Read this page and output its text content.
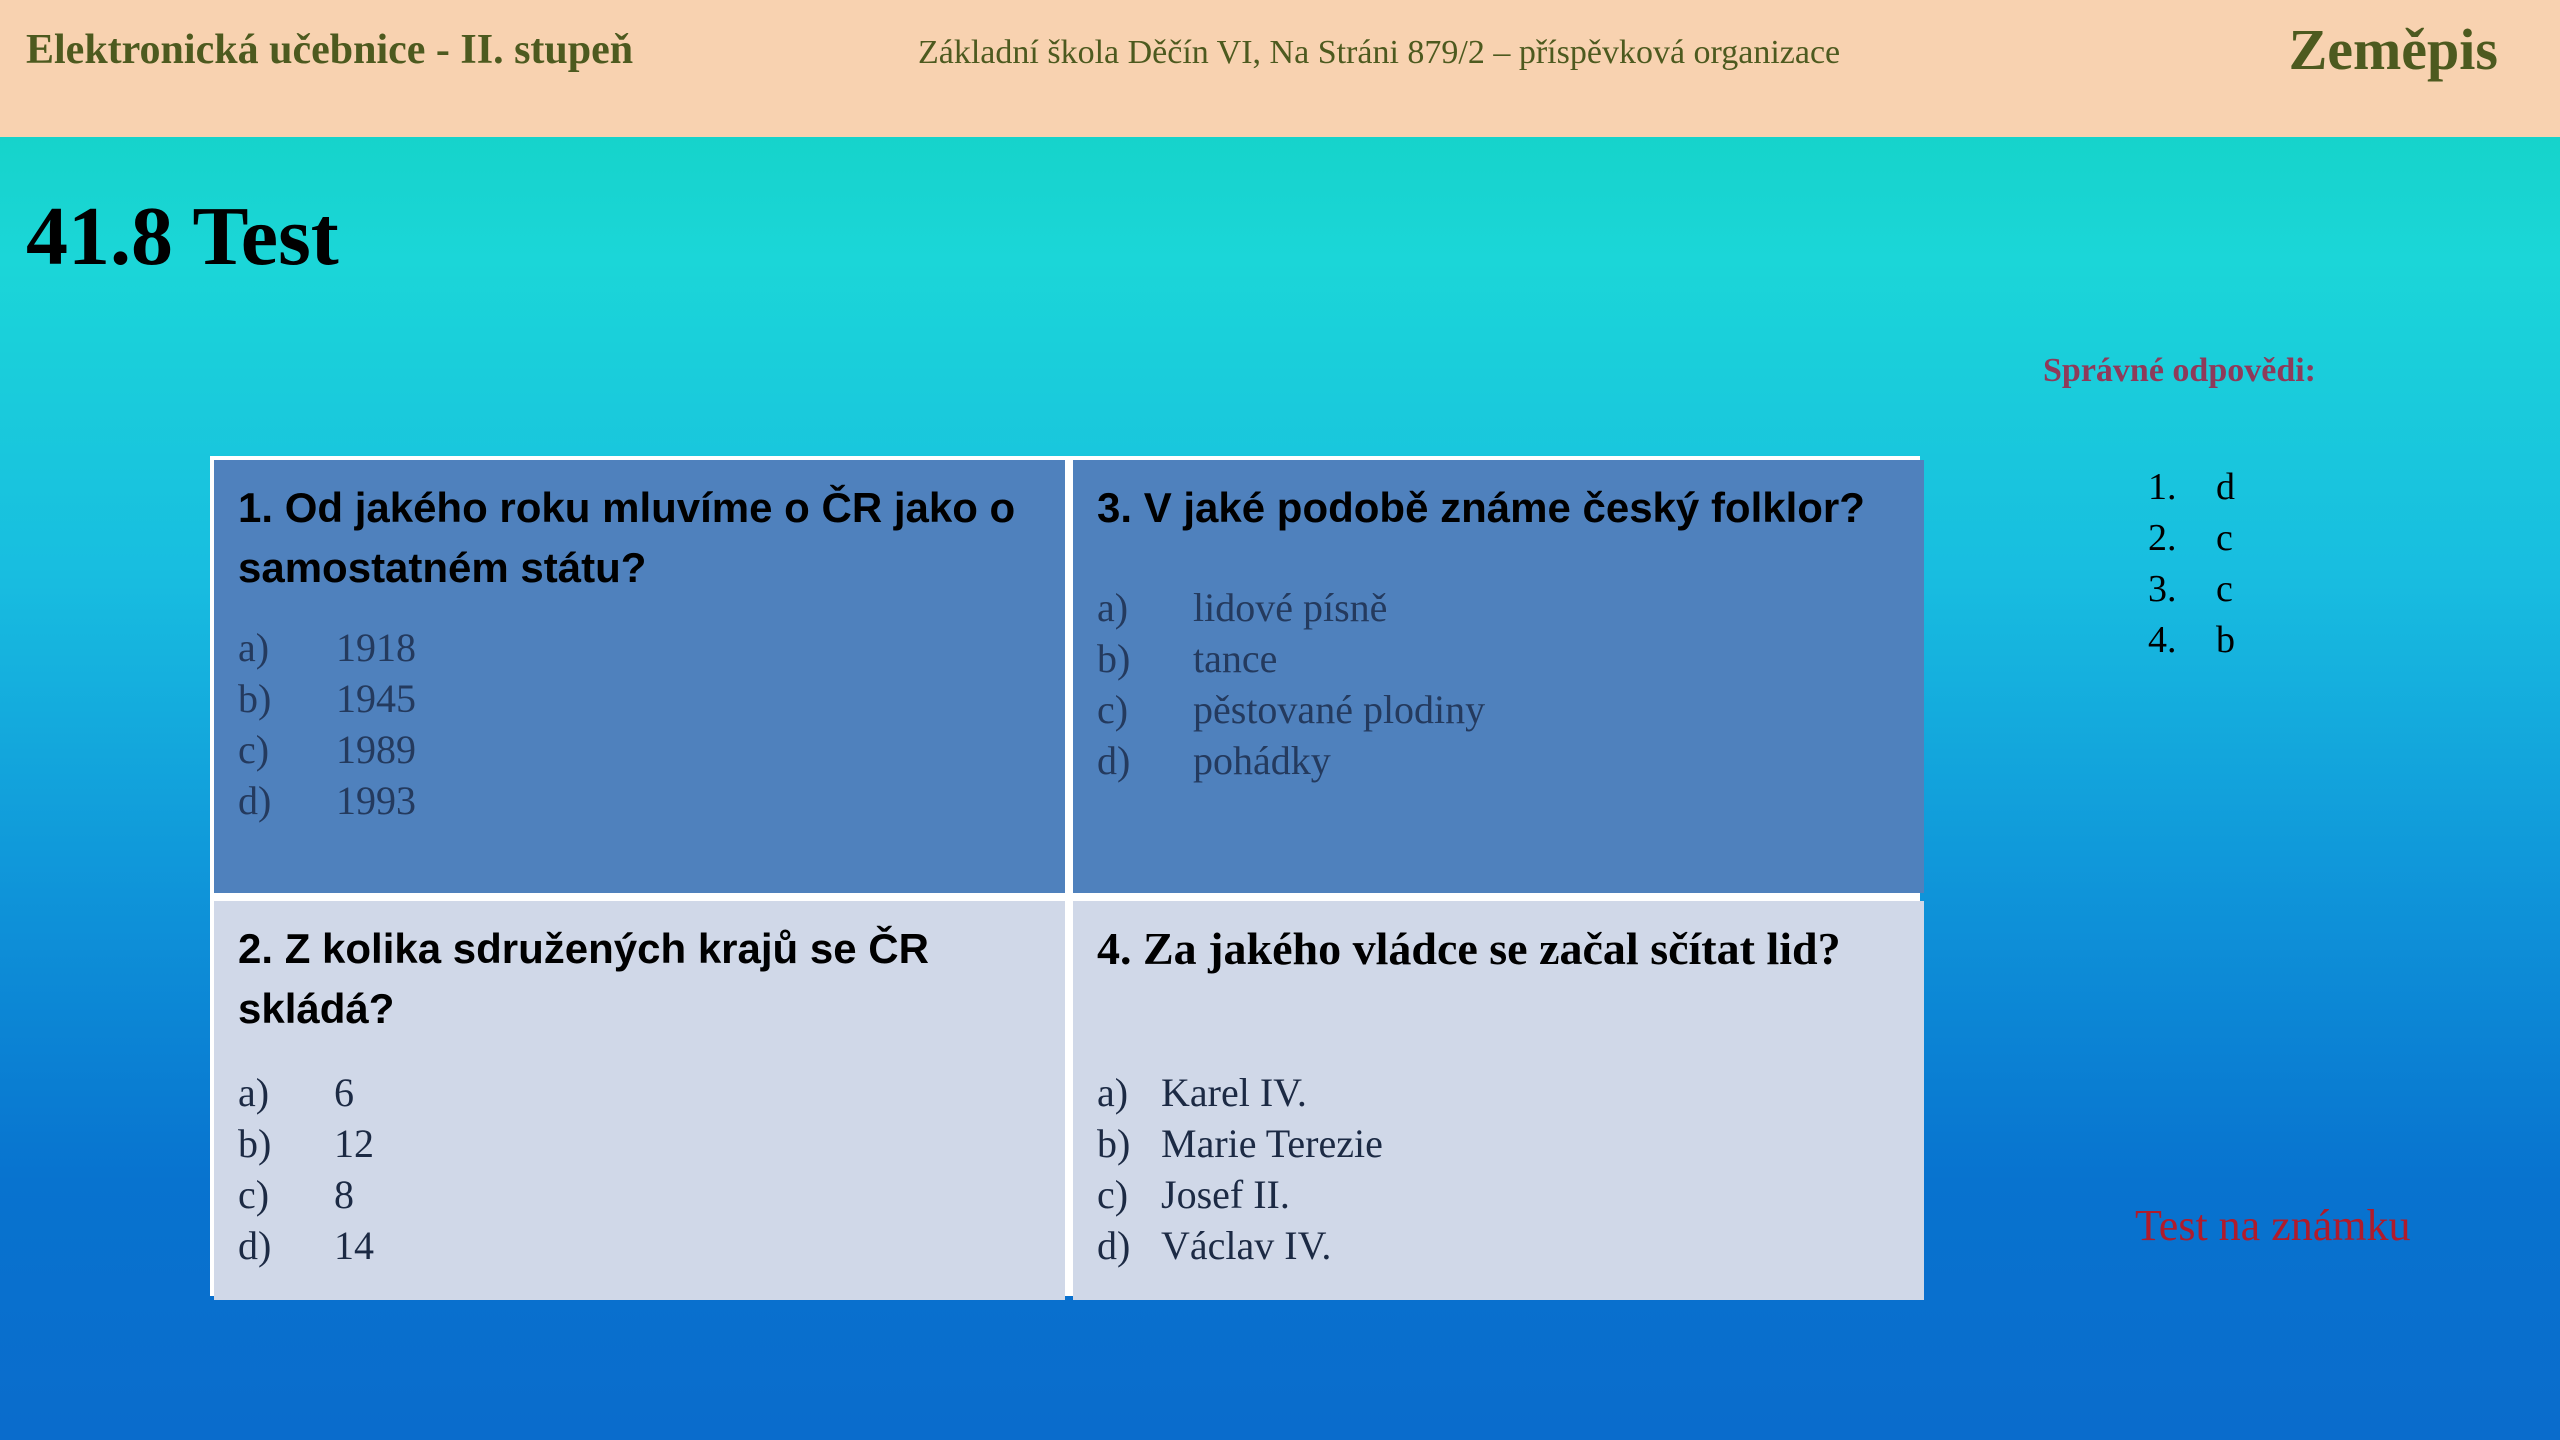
Elektronická učebnice - II. stupeň	Základní škola Děčín VI, Na Stráni 879/2 – příspěvková organizace	Zeměpis
41.8 Test
Správné odpovědi:
1. d
2. c
3. c
4. b
Test na známku
1. Od jakého roku mluvíme o ČR jako o samostatném státu?
a) 1918
b) 1945
c) 1989
d) 1993
3. V jaké podobě známe český folklor?
a) lidové písně
b) tance
c) pěstované plodiny
d) pohádky
2. Z kolika sdružených krajů se ČR skládá?
a) 6
b) 12
c) 8
d) 14
4. Za jakého vládce se začal sčítat lid?
a) Karel IV.
b) Marie Terezie
c) Josef II.
d) Václav IV.
